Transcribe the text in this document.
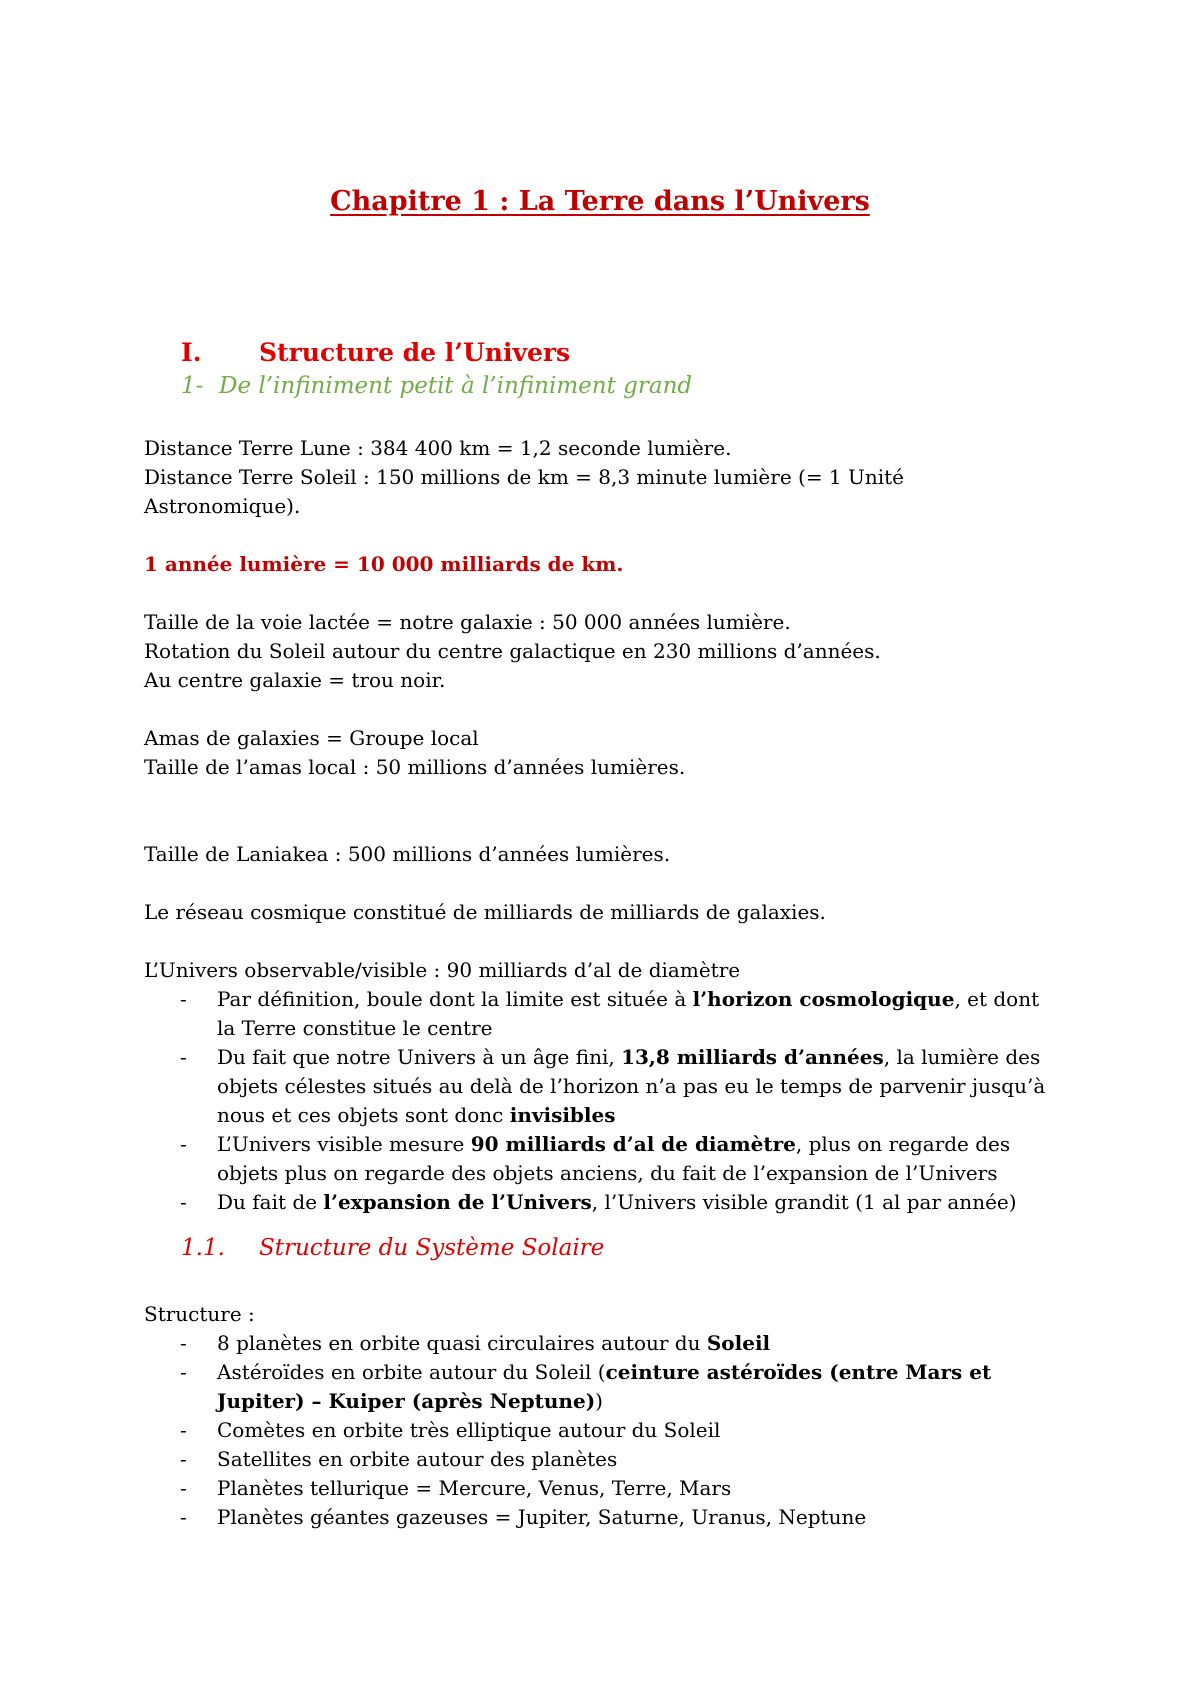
Chapitre 1 : La Terre dans l’Univers
I. Structure de l’Univers
1- De l’infiniment petit à l’infiniment grand

Distance Terre Lune : 384 400 km = 1,2 seconde lumière.

Distance Terre Soleil : 150 millions de km = 8,3 minute lumière (= 1 Unité

Astronomique).

1 année lumière = 10 000 milliards de km.

Taille de la voie lactée = notre galaxie : 50 000 années lumière.

Rotation du Soleil autour du centre galactique en 230 millions d’années.

Au centre galaxie = trou noir.

Amas de galaxies = Groupe local

Taille de l’amas local : 50 millions d’années lumières.

Taille de Laniakea : 500 millions d’années lumières.

Le réseau cosmique constitué de milliards de milliards de galaxies.

L’Univers observable/visible : 90 milliards d’al de diamètre

- Par définition, boule dont la limite est située à l’horizon cosmologique, et dont
la Terre constitue le centre
- Du fait que notre Univers à un âge fini, 13,8 milliards d’années, la lumière des
objets célestes situés au delà de l’horizon n’a pas eu le temps de parvenir jusqu’à
nous et ces objets sont donc invisibles
- L’Univers visible mesure 90 milliards d’al de diamètre, plus on regarde des
objets plus on regarde des objets anciens, du fait de l’expansion de l’Univers
- Du fait de l’expansion de l’Univers, l’Univers visible grandit (1 al par année)
1.1. Structure du Système Solaire

Structure :

- 8 planètes en orbite quasi circulaires autour du Soleil
- Astéroïdes en orbite autour du Soleil (ceinture astéroïdes (entre Mars et
Jupiter) – Kuiper (après Neptune))
- Comètes en orbite très elliptique autour du Soleil
- Satellites en orbite autour des planètes
- Planètes tellurique = Mercure, Venus, Terre, Mars
- Planètes géantes gazeuses = Jupiter, Saturne, Uranus, Neptune
